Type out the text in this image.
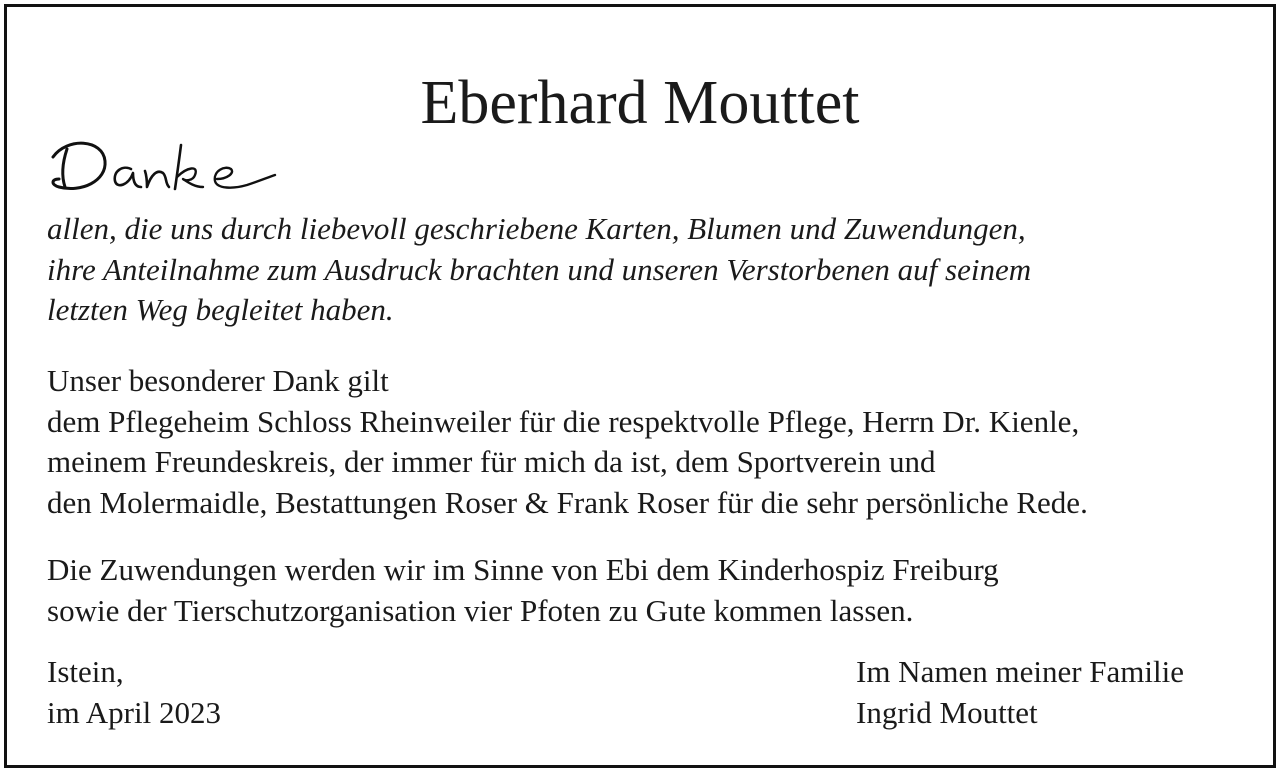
Eberhard Mouttet

allen, die uns durch liebevoll geschriebene Karten, Blumen und Zuwendungen,
ihre Anteilnahme zum Ausdruck brachten und unseren Verstorbenen auf seinem
letzten Weg begleitet haben.

Unser besonderer Dank gilt
dem Pflegeheim Schloss Rheinweiler für die respektvolle Pflege, Herrn Dr. Kienle,
meinem Freundeskreis, der immer für mich da ist, dem Sportverein und
den Molermaidle, Bestattungen Roser & Frank Roser für die sehr persönliche Rede.

Die Zuwendungen werden wir im Sinne von Ebi dem Kinderhospiz Freiburg
sowie der Tierschutzorganisation vier Pfoten zu Gute kommen lassen.

Istein,
im April 2023
Im Namen meiner Familie
Ingrid Mouttet
